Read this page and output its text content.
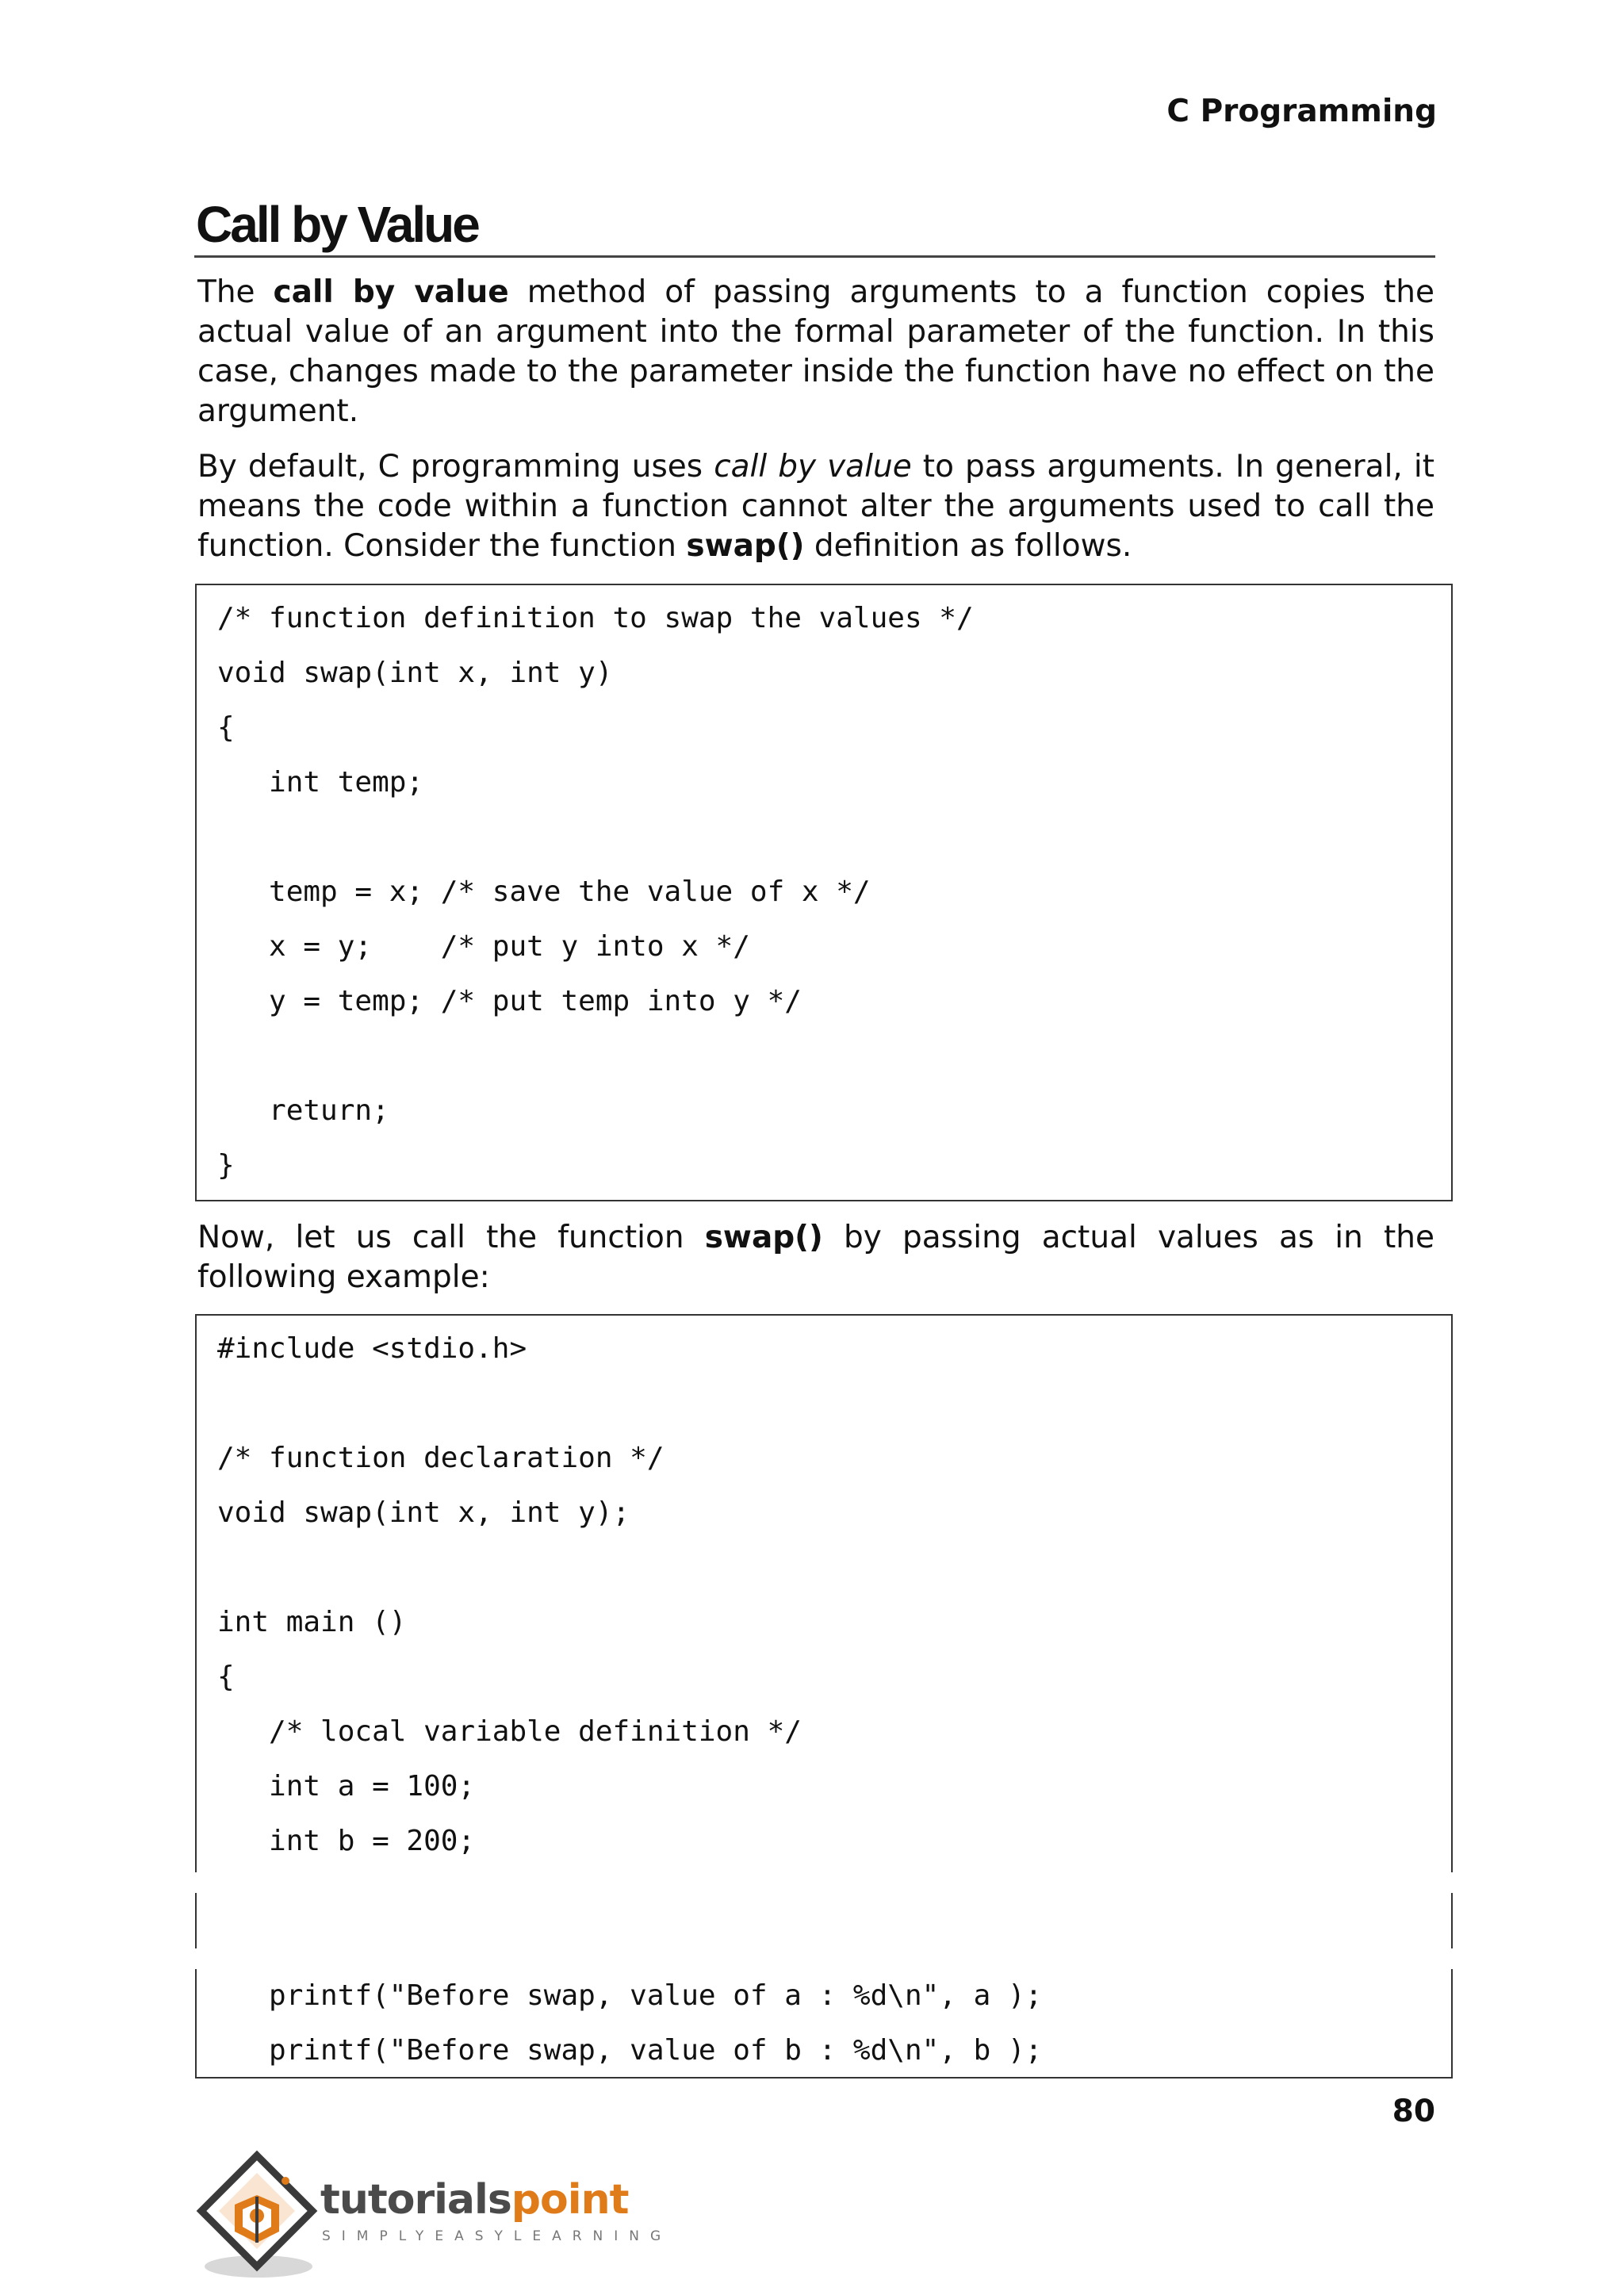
C Programming
Call by Value

The call by value method of passing arguments to a function copies the actual value of an argument into the formal parameter of the function. In this case, changes made to the parameter inside the function have no effect on the argument.

By default, C programming uses call by value to pass arguments. In general, it means the code within a function cannot alter the arguments used to call the function. Consider the function swap() definition as follows.

/* function definition to swap the values */
void swap(int x, int y)
{
int temp;
temp = x; /* save the value of x */
x = y;    /* put y into x */
y = temp; /* put temp into y */
return;
}

Now, let us call the function swap() by passing actual values as in the following example:

#include <stdio.h>
/* function declaration */
void swap(int x, int y);
int main ()
{
/* local variable definition */
int a = 100;
int b = 200;
printf("Before swap, value of a : %d\n", a );
printf("Before swap, value of b : %d\n", b );
80
tutorialspoint
SIMPLYEASYLEARNING
